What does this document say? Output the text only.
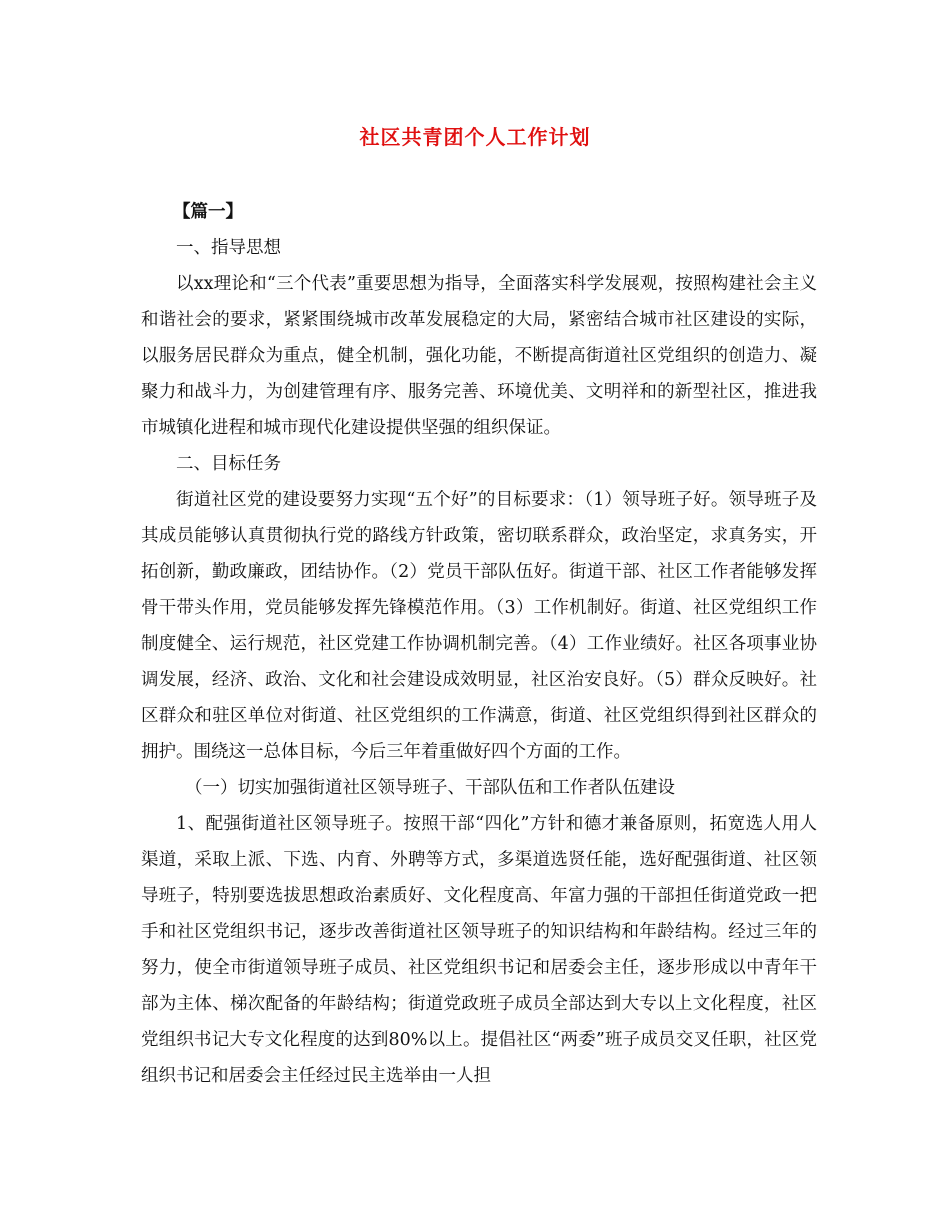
社区共青团个人工作计划

【篇一】

一、指导思想

以xx理论和“三个代表”重要思想为指导，全面落实科学发展观，按照构建社会主义和谐社会的要求，紧紧围绕城市改革发展稳定的大局，紧密结合城市社区建设的实际，以服务居民群众为重点，健全机制，强化功能，不断提高街道社区党组织的创造力、凝聚力和战斗力，为创建管理有序、服务完善、环境优美、文明祥和的新型社区，推进我市城镇化进程和城市现代化建设提供坚强的组织保证。

二、目标任务

街道社区党的建设要努力实现“五个好”的目标要求：（1）领导班子好。领导班子及其成员能够认真贯彻执行党的路线方针政策，密切联系群众，政治坚定，求真务实，开拓创新，勤政廉政，团结协作。（2）党员干部队伍好。街道干部、社区工作者能够发挥骨干带头作用，党员能够发挥先锋模范作用。（3）工作机制好。街道、社区党组织工作制度健全、运行规范，社区党建工作协调机制完善。（4）工作业绩好。社区各项事业协调发展，经济、政治、文化和社会建设成效明显，社区治安良好。（5）群众反映好。社区群众和驻区单位对街道、社区党组织的工作满意，街道、社区党组织得到社区群众的拥护。围绕这一总体目标，今后三年着重做好四个方面的工作。

（一）切实加强街道社区领导班子、干部队伍和工作者队伍建设

1、配强街道社区领导班子。按照干部“四化”方针和德才兼备原则，拓宽选人用人渠道，采取上派、下选、内育、外聘等方式，多渠道选贤任能，选好配强街道、社区领导班子，特别要选拔思想政治素质好、文化程度高、年富力强的干部担任街道党政一把手和社区党组织书记，逐步改善街道社区领导班子的知识结构和年龄结构。经过三年的努力，使全市街道领导班子成员、社区党组织书记和居委会主任，逐步形成以中青年干部为主体、梯次配备的年龄结构；街道党政班子成员全部达到大专以上文化程度，社区党组织书记大专文化程度的达到80%以上。提倡社区“两委”班子成员交叉任职，社区党组织书记和居委会主任经过民主选举由一人担
